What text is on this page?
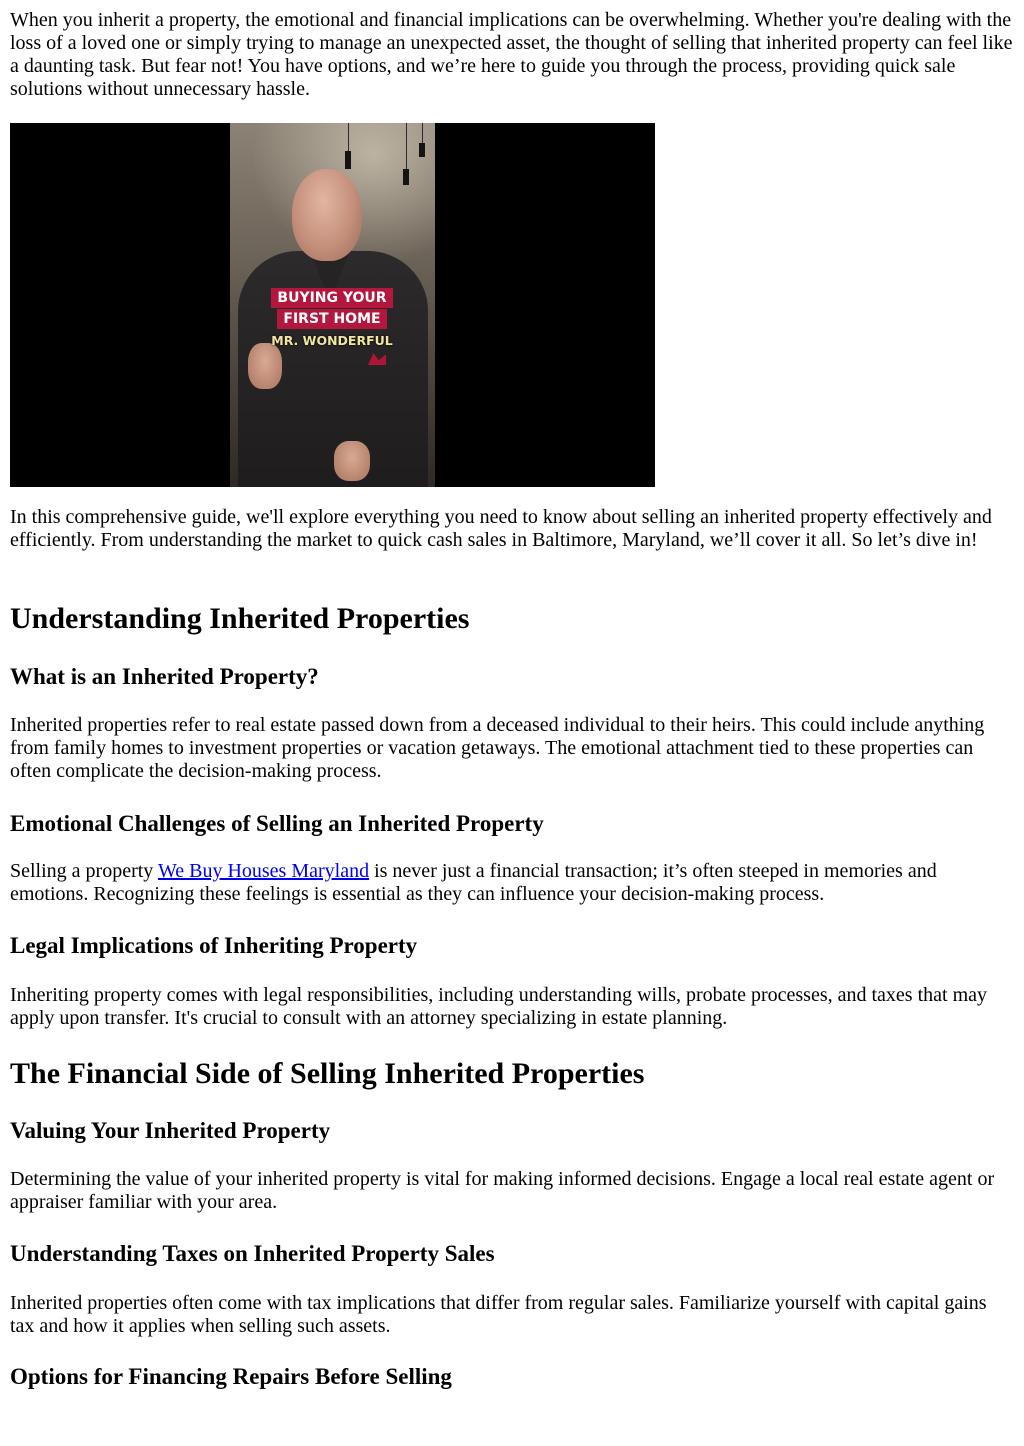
When you inherit a property, the emotional and financial implications can be overwhelming. Whether you're dealing with the loss of a loved one or simply trying to manage an unexpected asset, the thought of selling that inherited property can feel like a daunting task. But fear not! You have options, and we’re here to guide you through the process, providing quick sale solutions without unnecessary hassle.

BUYING YOUR
FIRST HOME
MR. WONDERFUL

In this comprehensive guide, we'll explore everything you need to know about selling an inherited property effectively and efficiently. From understanding the market to quick cash sales in Baltimore, Maryland, we’ll cover it all. So let’s dive in!

Understanding Inherited Properties
What is an Inherited Property?

Inherited properties refer to real estate passed down from a deceased individual to their heirs. This could include anything from family homes to investment properties or vacation getaways. The emotional attachment tied to these properties can often complicate the decision-making process.

Emotional Challenges of Selling an Inherited Property

Selling a property We Buy Houses Maryland is never just a financial transaction; it’s often steeped in memories and emotions. Recognizing these feelings is essential as they can influence your decision-making process.

Legal Implications of Inheriting Property

Inheriting property comes with legal responsibilities, including understanding wills, probate processes, and taxes that may apply upon transfer. It's crucial to consult with an attorney specializing in estate planning.

The Financial Side of Selling Inherited Properties
Valuing Your Inherited Property

Determining the value of your inherited property is vital for making informed decisions. Engage a local real estate agent or appraiser familiar with your area.

Understanding Taxes on Inherited Property Sales

Inherited properties often come with tax implications that differ from regular sales. Familiarize yourself with capital gains tax and how it applies when selling such assets.

Options for Financing Repairs Before Selling
